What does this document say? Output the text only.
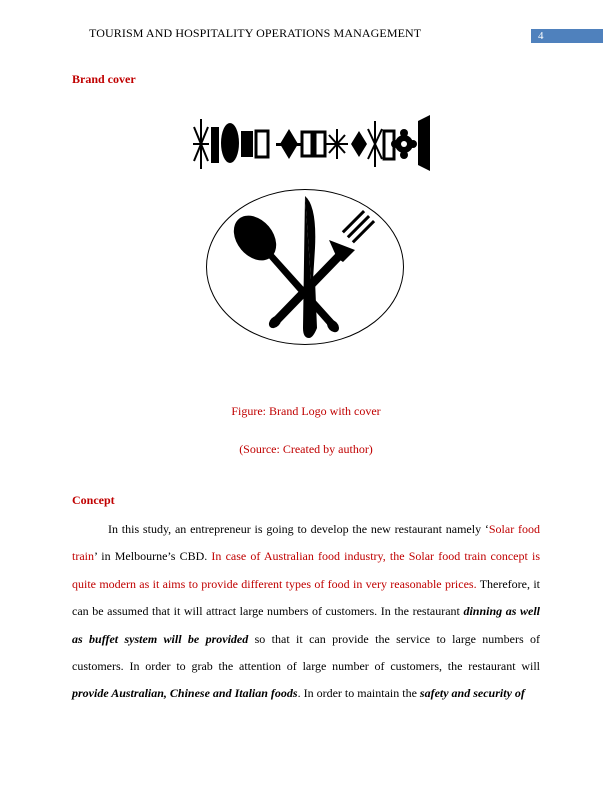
TOURISM AND HOSPITALITY OPERATIONS MANAGEMENT	4
Brand cover
Figure: Brand Logo with cover
(Source: Created by author)
Concept

In this study, an entrepreneur is going to develop the new restaurant namely ‘Solar food train’ in Melbourne’s CBD. In case of Australian food industry, the Solar food train concept is quite modern as it aims to provide different types of food in very reasonable prices. Therefore, it can be assumed that it will attract large numbers of customers. In the restaurant dinning as well as buffet system will be provided so that it can provide the service to large numbers of customers. In order to grab the attention of large number of customers, the restaurant will provide Australian, Chinese and Italian foods. In order to maintain the safety and security of
